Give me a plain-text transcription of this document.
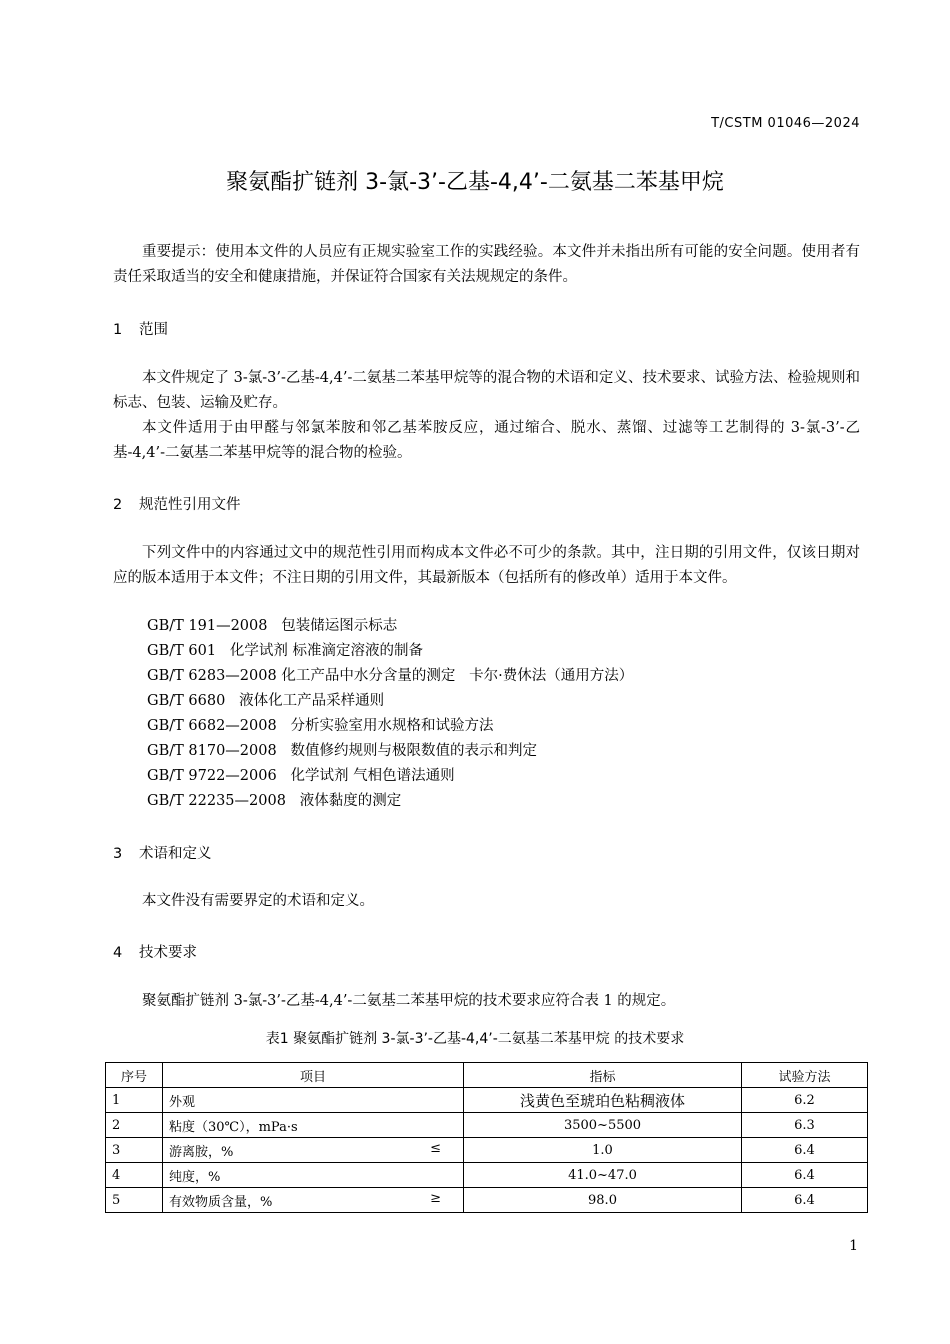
T/CSTM 01046—2024
聚氨酯扩链剂 3-氯-3’-乙基-4,4’-二氨基二苯基甲烷
重要提示：使用本文件的人员应有正规实验室工作的实践经验。本文件并未指出所有可能的安全问题。使用者有责任采取适当的安全和健康措施，并保证符合国家有关法规规定的条件。
1 范围
本文件规定了 3-氯-3’-乙基-4,4’-二氨基二苯基甲烷等的混合物的术语和定义、技术要求、试验方法、检验规则和标志、包装、运输及贮存。
本文件适用于由甲醛与邻氯苯胺和邻乙基苯胺反应，通过缩合、脱水、蒸馏、过滤等工艺制得的 3-氯-3’-乙基-4,4’-二氨基二苯基甲烷等的混合物的检验。
2 规范性引用文件
下列文件中的内容通过文中的规范性引用而构成本文件必不可少的条款。其中，注日期的引用文件，仅该日期对应的版本适用于本文件；不注日期的引用文件，其最新版本（包括所有的修改单）适用于本文件。
GB/T 191—2008   包装储运图示标志
GB/T 601   化学试剂 标准滴定溶液的制备
GB/T 6283—2008 化工产品中水分含量的测定   卡尔·费休法（通用方法）
GB/T 6680   液体化工产品采样通则
GB/T 6682—2008   分析实验室用水规格和试验方法
GB/T 8170—2008   数值修约规则与极限数值的表示和判定
GB/T 9722—2006   化学试剂 气相色谱法通则
GB/T 22235—2008   液体黏度的测定
3 术语和定义
本文件没有需要界定的术语和定义。
4 技术要求
聚氨酯扩链剂 3-氯-3’-乙基-4,4’-二氨基二苯基甲烷的技术要求应符合表 1 的规定。
表1 聚氨酯扩链剂 3-氯-3’-乙基-4,4’-二氨基二苯基甲烷 的技术要求
序号	项目	指标	试验方法
1	外观	浅黄色至琥珀色粘稠液体	6.2
2	粘度（30℃），mPa·s	3500~5500	6.3
3	游离胺，% ≤	1.0	6.4
4	纯度，%	41.0~47.0	6.4
5	有效物质含量，% ≥	98.0	6.4
1
